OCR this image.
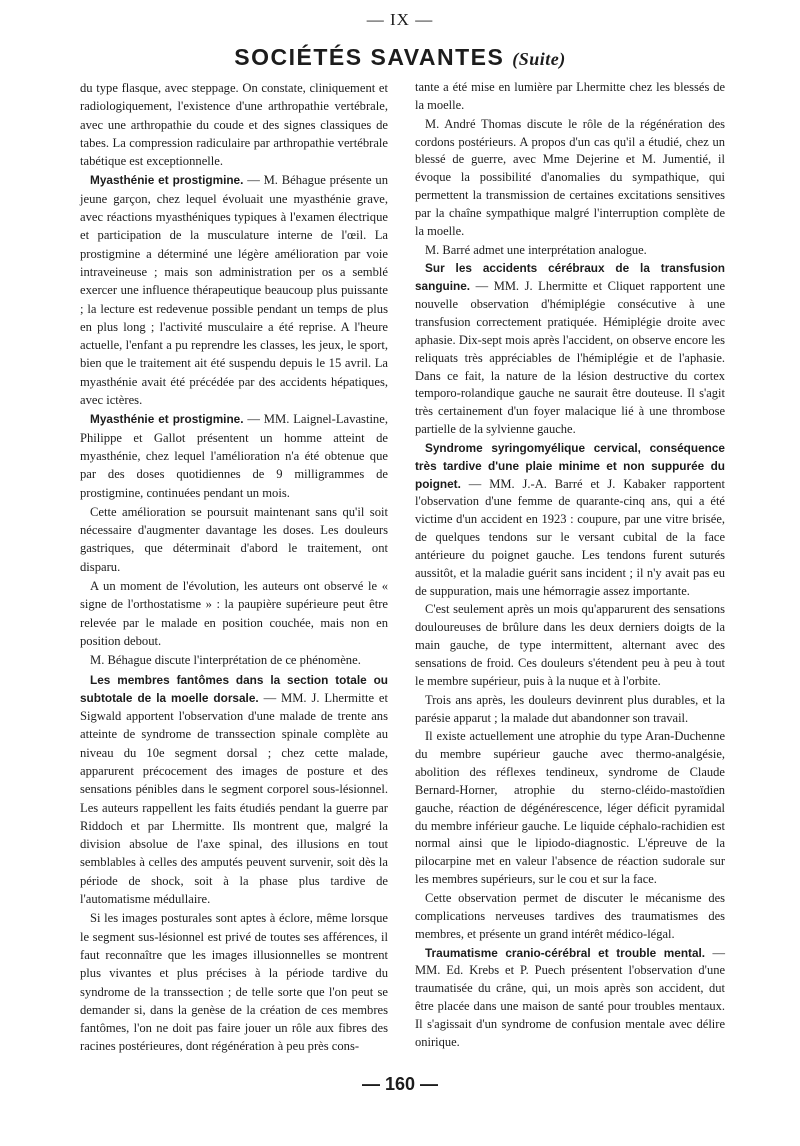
— IX —
SOCIÉTÉS SAVANTES (Suite)

du type flasque, avec steppage. On constate, cliniquement et radiologiquement, l'existence d'une arthropathie vertébrale, avec une arthropathie du coude et des signes classiques de tabes. La compression radiculaire par arthropathie vertébrale tabétique est exceptionnelle.

Myasthénie et prostigmine. — M. Béhague présente un jeune garçon, chez lequel évoluait une myasthénie grave, avec réactions myasthéniques typiques à l'examen électrique et participation de la musculature interne de l'œil. La prostigmine a déterminé une légère amélioration par voie intraveineuse ; mais son administration per os a semblé exercer une influence thérapeutique beaucoup plus puissante ; la lecture est redevenue possible pendant un temps de plus en plus long ; l'activité musculaire a été reprise. A l'heure actuelle, l'enfant a pu reprendre les classes, les jeux, le sport, bien que le traitement ait été suspendu depuis le 15 avril. La myasthénie avait été précédée par des accidents hépatiques, avec ictères.

Myasthénie et prostigmine. — MM. Laignel-Lavastine, Philippe et Gallot présentent un homme atteint de myasthénie, chez lequel l'amélioration n'a été obtenue que par des doses quotidiennes de 9 milligrammes de prostigmine, continuées pendant un mois.

Cette amélioration se poursuit maintenant sans qu'il soit nécessaire d'augmenter davantage les doses. Les douleurs gastriques, que déterminait d'abord le traitement, ont disparu.

A un moment de l'évolution, les auteurs ont observé le « signe de l'orthostatisme » : la paupière supérieure peut être relevée par le malade en position couchée, mais non en position debout.

M. Béhague discute l'interprétation de ce phénomène.

Les membres fantômes dans la section totale ou subtotale de la moelle dorsale. — MM. J. Lhermitte et Sigwald apportent l'observation d'une malade de trente ans atteinte de syndrome de transsection spinale complète au niveau du 10e segment dorsal ; chez cette malade, apparurent précocement des images de posture et des sensations pénibles dans le segment corporel sous-lésionnel. Les auteurs rappellent les faits étudiés pendant la guerre par Riddoch et par Lhermitte. Ils montrent que, malgré la division absolue de l'axe spinal, des illusions en tout semblables à celles des amputés peuvent survenir, soit dès la période de shock, soit à la phase plus tardive de l'automatisme médullaire.

Si les images posturales sont aptes à éclore, même lorsque le segment sus-lésionnel est privé de toutes ses afférences, il faut reconnaître que les images illusionnelles se montrent plus vivantes et plus précises à la période tardive du syndrome de la transsection ; de telle sorte que l'on peut se demander si, dans la genèse de la création de ces membres fantômes, l'on ne doit pas faire jouer un rôle aux fibres des racines postérieures, dont régénération à peu près cons-

tante a été mise en lumière par Lhermitte chez les blessés de la moelle.

M. André Thomas discute le rôle de la régénération des cordons postérieurs. A propos d'un cas qu'il a étudié, chez un blessé de guerre, avec Mme Dejerine et M. Jumentié, il évoque la possibilité d'anomalies du sympathique, qui permettent la transmission de certaines excitations sensitives par la chaîne sympathique malgré l'interruption complète de la moelle.

M. Barré admet une interprétation analogue.

Sur les accidents cérébraux de la transfusion sanguine. — MM. J. Lhermitte et Cliquet rapportent une nouvelle observation d'hémiplégie consécutive à une transfusion correctement pratiquée. Hémiplégie droite avec aphasie. Dix-sept mois après l'accident, on observe encore les reliquats très appréciables de l'hémiplégie et de l'aphasie. Dans ce fait, la nature de la lésion destructive du cortex temporo-rolandique gauche ne saurait être douteuse. Il s'agit très certainement d'un foyer malacique lié à une thrombose partielle de la sylvienne gauche.

Syndrome syringomyélique cervical, conséquence très tardive d'une plaie minime et non suppurée du poignet. — MM. J.-A. Barré et J. Kabaker rapportent l'observation d'une femme de quarante-cinq ans, qui a été victime d'un accident en 1923 : coupure, par une vitre brisée, de quelques tendons sur le versant cubital de la face antérieure du poignet gauche. Les tendons furent suturés aussitôt, et la maladie guérit sans incident ; il n'y avait pas eu de suppuration, mais une hémorragie assez importante.

C'est seulement après un mois qu'apparurent des sensations douloureuses de brûlure dans les deux derniers doigts de la main gauche, de type intermittent, alternant avec des sensations de froid. Ces douleurs s'étendent peu à peu à tout le membre supérieur, puis à la nuque et à l'orbite.

Trois ans après, les douleurs devinrent plus durables, et la parésie apparut ; la malade dut abandonner son travail.

Il existe actuellement une atrophie du type Aran-Duchenne du membre supérieur gauche avec thermo-analgésie, abolition des réflexes tendineux, syndrome de Claude Bernard-Horner, atrophie du sterno-cléido-mastoïdien gauche, réaction de dégénérescence, léger déficit pyramidal du membre inférieur gauche. Le liquide céphalo-rachidien est normal ainsi que le lipiodo-diagnostic. L'épreuve de la pilocarpine met en valeur l'absence de réaction sudorale sur les membres supérieurs, sur le cou et sur la face.

Cette observation permet de discuter le mécanisme des complications nerveuses tardives des traumatismes des membres, et présente un grand intérêt médico-légal.

Traumatisme cranio-cérébral et trouble mental. — MM. Ed. Krebs et P. Puech présentent l'observation d'une traumatisée du crâne, qui, un mois après son accident, dut être placée dans une maison de santé pour troubles mentaux. Il s'agissait d'un syndrome de confusion mentale avec délire onirique.

— 160 —
